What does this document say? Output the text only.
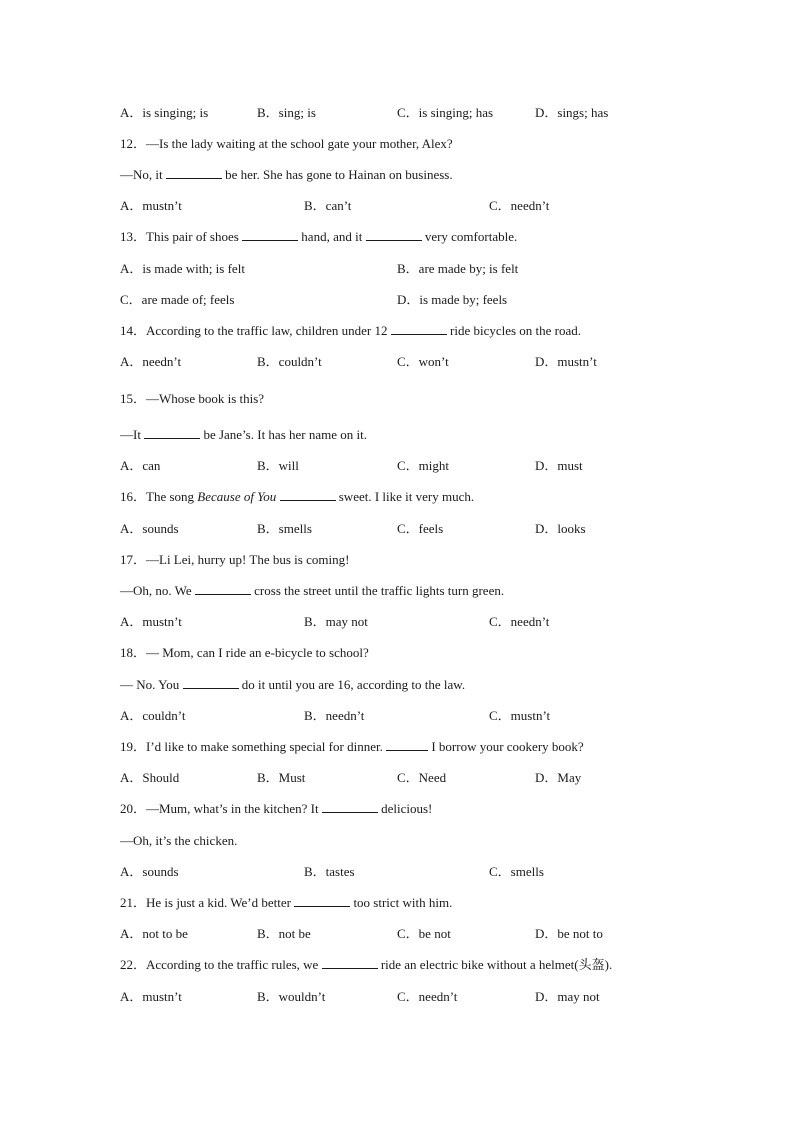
A．is singing; is	B．sing; is	C．is singing; has	D．sings; has
12．—Is the lady waiting at the school gate your mother, Alex?
—No, it	be her. She has gone to Hainan on business.
A．mustn’t	B．can’t	C．needn’t
13．This pair of shoes	hand, and it	very comfortable.
A．is made with; is felt	B．are made by; is felt
C．are made of; feels	D．is made by; feels
14．According to the traffic law, children under 12	ride bicycles on the road.
A．needn’t	B．couldn’t	C．won’t	D．mustn’t
15．—Whose book is this?
—It	be Jane’s. It has her name on it.
A．can	B．will	C．might	D．must
16．The song Because of You	sweet. I like it very much.
A．sounds	B．smells	C．feels	D．looks
17．—Li Lei, hurry up! The bus is coming!
—Oh, no. We	cross the street until the traffic lights turn green.
A．mustn’t	B．may not	C．needn’t
18．— Mom, can I ride an e-bicycle to school?
— No. You	do it until you are 16, according to the law.
A．couldn’t	B．needn’t	C．mustn’t
19．I’d like to make something special for dinner.	I borrow your cookery book?
A．Should	B．Must	C．Need	D．May
20．—Mum, what’s in the kitchen? It	delicious!
—Oh, it’s the chicken.
A．sounds	B．tastes	C．smells
21．He is just a kid. We’d better	too strict with him.
A．not to be	B．not be	C．be not	D．be not to
22．According to the traffic rules, we	ride an electric bike without a helmet(头盔).
A．mustn’t	B．wouldn’t	C．needn’t	D．may not
